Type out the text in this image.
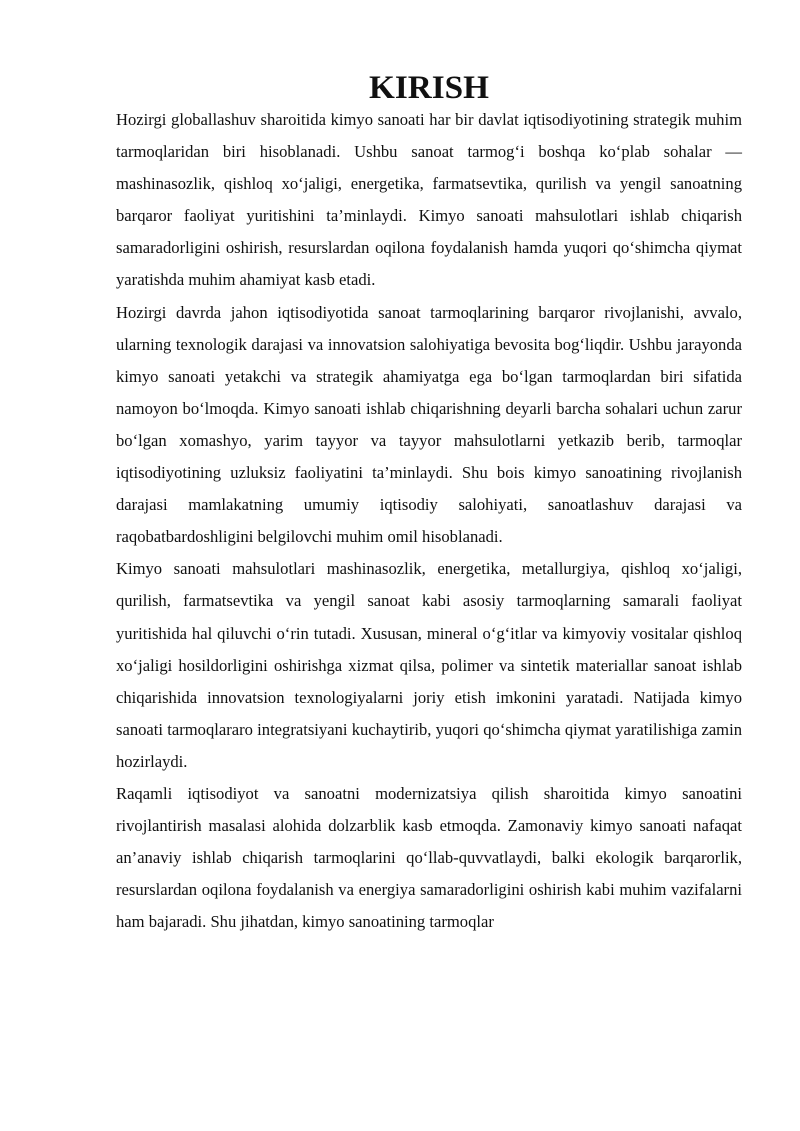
KIRISH

Hozirgi globallashuv sharoitida kimyo sanoati har bir davlat iqtisodiyotining strategik muhim tarmoqlaridan biri hisoblanadi. Ushbu sanoat tarmog‘i boshqa ko‘plab sohalar — mashinasozlik, qishloq xo‘jaligi, energetika, farmatsevtika, qurilish va yengil sanoatning barqaror faoliyat yuritishini ta’minlaydi. Kimyo sanoati mahsulotlari ishlab chiqarish samaradorligini oshirish, resurslardan oqilona foydalanish hamda yuqori qo‘shimcha qiymat yaratishda muhim ahamiyat kasb etadi.

Hozirgi davrda jahon iqtisodiyotida sanoat tarmoqlarining barqaror rivojlanishi, avvalo, ularning texnologik darajasi va innovatsion salohiyatiga bevosita bog‘liqdir. Ushbu jarayonda kimyo sanoati yetakchi va strategik ahamiyatga ega bo‘lgan tarmoqlardan biri sifatida namoyon bo‘lmoqda. Kimyo sanoati ishlab chiqarishning deyarli barcha sohalari uchun zarur bo‘lgan xomashyo, yarim tayyor va tayyor mahsulotlarni yetkazib berib, tarmoqlar iqtisodiyotining uzluksiz faoliyatini ta’minlaydi. Shu bois kimyo sanoatining rivojlanish darajasi mamlakatning umumiy iqtisodiy salohiyati, sanoatlashuv darajasi va raqobatbardoshligini belgilovchi muhim omil hisoblanadi.

Kimyo sanoati mahsulotlari mashinasozlik, energetika, metallurgiya, qishloq xo‘jaligi, qurilish, farmatsevtika va yengil sanoat kabi asosiy tarmoqlarning samarali faoliyat yuritishida hal qiluvchi o‘rin tutadi. Xususan, mineral o‘g‘itlar va kimyoviy vositalar qishloq xo‘jaligi hosildorligini oshirishga xizmat qilsa, polimer va sintetik materiallar sanoat ishlab chiqarishida innovatsion texnologiyalarni joriy etish imkonini yaratadi. Natijada kimyo sanoati tarmoqlararo integratsiyani kuchaytirib, yuqori qo‘shimcha qiymat yaratilishiga zamin hozirlaydi.

Raqamli iqtisodiyot va sanoatni modernizatsiya qilish sharoitida kimyo sanoatini rivojlantirish masalasi alohida dolzarblik kasb etmoqda. Zamonaviy kimyo sanoati nafaqat an’anaviy ishlab chiqarish tarmoqlarini qo‘llab-quvvatlaydi, balki ekologik barqarorlik, resurslardan oqilona foydalanish va energiya samaradorligini oshirish kabi muhim vazifalarni ham bajaradi. Shu jihatdan, kimyo sanoatining tarmoqlar
